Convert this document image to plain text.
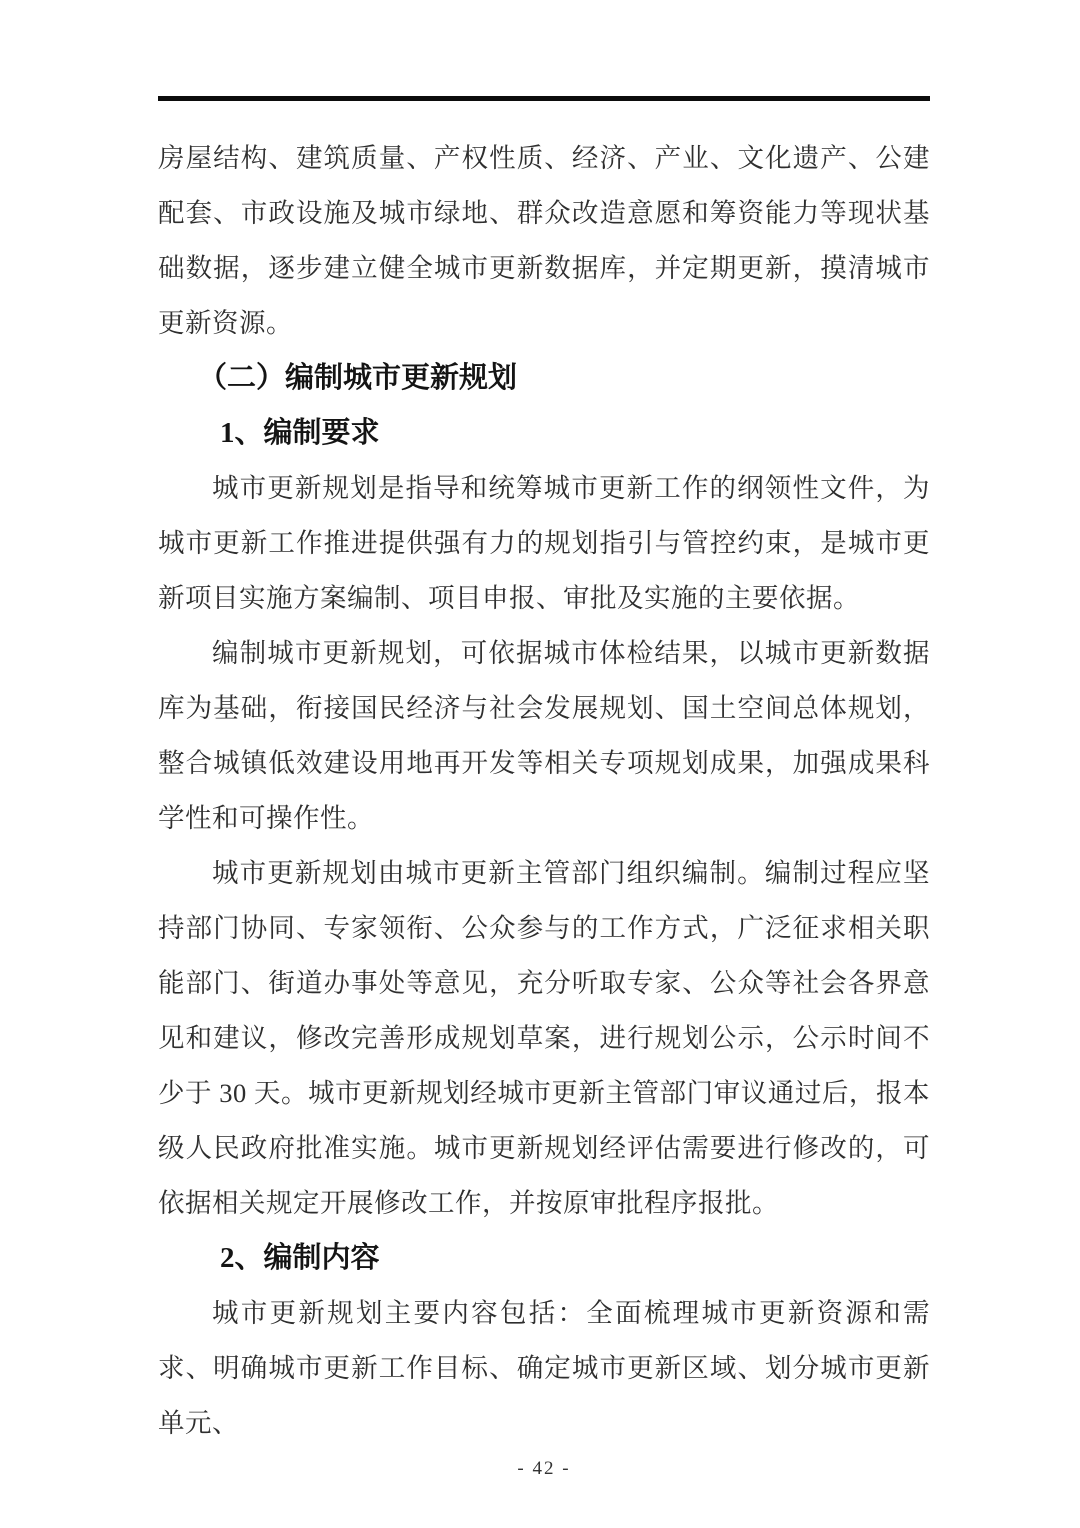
房屋结构、建筑质量、产权性质、经济、产业、文化遗产、公建配套、市政设施及城市绿地、群众改造意愿和筹资能力等现状基础数据，逐步建立健全城市更新数据库，并定期更新，摸清城市更新资源。

（二）编制城市更新规划
1、编制要求

城市更新规划是指导和统筹城市更新工作的纲领性文件，为城市更新工作推进提供强有力的规划指引与管控约束，是城市更新项目实施方案编制、项目申报、审批及实施的主要依据。

编制城市更新规划，可依据城市体检结果，以城市更新数据库为基础，衔接国民经济与社会发展规划、国土空间总体规划，整合城镇低效建设用地再开发等相关专项规划成果，加强成果科学性和可操作性。

城市更新规划由城市更新主管部门组织编制。编制过程应坚持部门协同、专家领衔、公众参与的工作方式，广泛征求相关职能部门、街道办事处等意见，充分听取专家、公众等社会各界意见和建议，修改完善形成规划草案，进行规划公示，公示时间不少于 30 天。城市更新规划经城市更新主管部门审议通过后，报本级人民政府批准实施。城市更新规划经评估需要进行修改的，可依据相关规定开展修改工作，并按原审批程序报批。

2、编制内容

城市更新规划主要内容包括：全面梳理城市更新资源和需求、明确城市更新工作目标、确定城市更新区域、划分城市更新单元、

- 42 -
